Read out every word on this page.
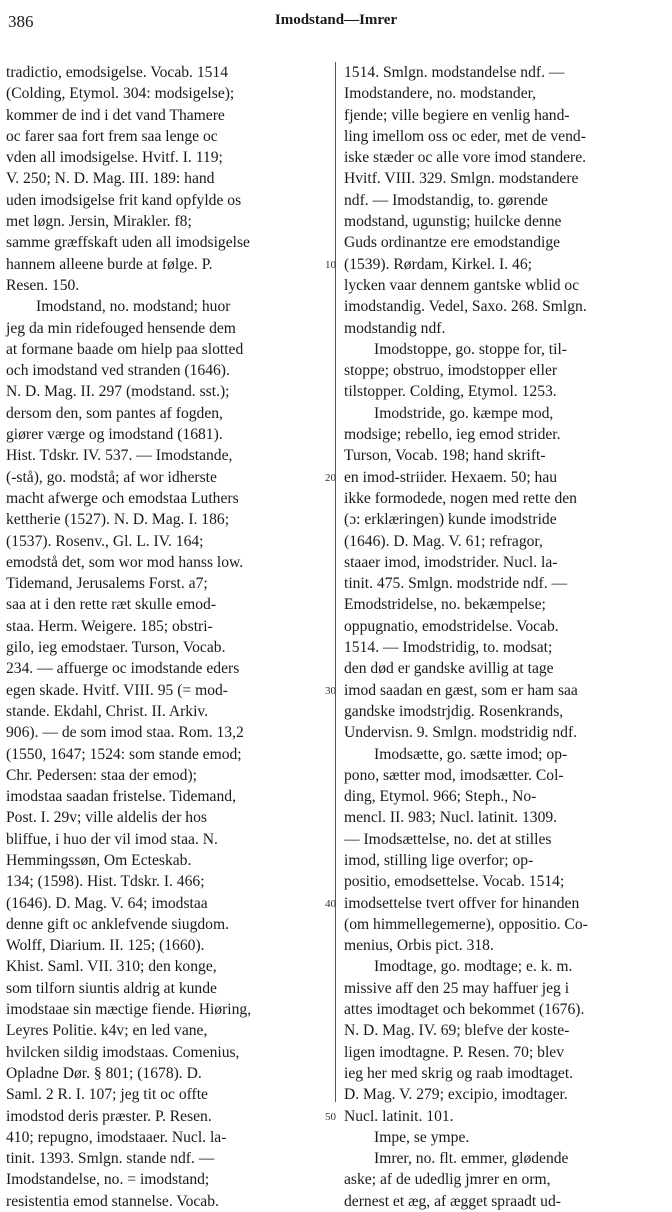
386	Imodstand—Imrer
tradictio, emodsigelse. Vocab. 1514
(Colding, Etymol. 304: modsigelse);
kommer de ind i det vand Thamere
oc farer saa fort frem saa lenge oc
vden all imodsigelse. Hvitf. I. 119;
V. 250; N. D. Mag. III. 189: hand
uden imodsigelse frit kand opfylde os
met løgn. Jersin, Mirakler. f8;
samme græffskaft uden all imodsigelse
hannem alleene burde at følge. P.
Resen. 150.
Imodstand, no. modstand; huor
jeg da min ridefouged hensende dem
at formane baade om hielp paa slotted
och imodstand ved stranden (1646).
N. D. Mag. II. 297 (modstand. sst.);
dersom den, som pantes af fogden,
giører værge og imodstand (1681).
Hist. Tdskr. IV. 537. — Imodstande,
(-stå), go. modstå; af wor idherste
macht afwerge och emodstaa Luthers
kettherie (1527). N. D. Mag. I. 186;
(1537). Rosenv., Gl. L. IV. 164;
emodstå det, som wor mod hanss low.
Tidemand, Jerusalems Forst. a7;
saa at i den rette ræt skulle emod-
staa. Herm. Weigere. 185; obstri-
gilo, ieg emodstaer. Turson, Vocab.
234. — affuerge oc imodstande eders
egen skade. Hvitf. VIII. 95 (= mod-
stande. Ekdahl, Christ. II. Arkiv.
906). — de som imod staa. Rom. 13,2
(1550, 1647; 1524: som stande emod;
Chr. Pedersen: staa der emod);
imodstaa saadan fristelse. Tidemand,
Post. I. 29v; ville aldelis der hos
bliffue, i huo der vil imod staa. N.
Hemmingssøn, Om Ecteskab.
134; (1598). Hist. Tdskr. I. 466;
(1646). D. Mag. V. 64; imodstaa
denne gift oc anklefvende siugdom.
Wolff, Diarium. II. 125; (1660).
Khist. Saml. VII. 310; den konge,
som tilforn siuntis aldrig at kunde
imodstaae sin mæctige fiende. Hiøring,
Leyres Politie. k4v; en led vane,
hvilcken sildig imodstaas. Comenius,
Opladne Dør. § 801; (1678). D.
Saml. 2 R. I. 107; jeg tit oc offte
imodstod deris præster. P. Resen.
410; repugno, imodstaaer. Nucl. la-
tinit. 1393. Smlgn. stande ndf. —
Imodstandelse, no. = imodstand;
resistentia emod stannelse. Vocab.
1514. Smlgn. modstandelse ndf. —
Imodstandere, no. modstander,
fjende; ville begiere en venlig hand-
ling imellom oss oc eder, met de vend-
iske stæder oc alle vore imod standere.
Hvitf. VIII. 329. Smlgn. modstandere
ndf. — Imodstandig, to. gørende
modstand, ugunstig; huilcke denne
Guds ordinantze ere emodstandige
(1539). Rørdam, Kirkel. I. 46;
lycken vaar dennem gantske wblid oc
imodstandig. Vedel, Saxo. 268. Smlgn.
modstandig ndf.
Imodstoppe, go. stoppe for, til-
stoppe; obstruo, imodstopper eller
tilstopper. Colding, Etymol. 1253.
Imodstride, go. kæmpe mod,
modsige; rebello, ieg emod strider.
Turson, Vocab. 198; hand skrift-
en imod-striider. Hexaem. 50; hau
ikke formodede, nogen med rette den
(ɔ: erklæringen) kunde imodstride
(1646). D. Mag. V. 61; refragor,
staaer imod, imodstrider. Nucl. la-
tinit. 475. Smlgn. modstride ndf. —
Emodstridelse, no. bekæmpelse;
oppugnatio, emodstridelse. Vocab.
1514. — Imodstridig, to. modsat;
den død er gandske avillig at tage
imod saadan en gæst, som er ham saa
gandske imodstrjdig. Rosenkrands,
Undervisn. 9. Smlgn. modstridig ndf.
Imodsætte, go. sætte imod; op-
pono, sætter mod, imodsætter. Col-
ding, Etymol. 966; Steph., No-
mencl. II. 983; Nucl. latinit. 1309.
— Imodsættelse, no. det at stilles
imod, stilling lige overfor; op-
positio, emodsettelse. Vocab. 1514;
imodsettelse tvert offver for hinanden
(om himmellegemerne), oppositio. Co-
menius, Orbis pict. 318.
Imodtage, go. modtage; e. k. m.
missive aff den 25 may haffuer jeg i
attes imodtaget och bekommet (1676).
N. D. Mag. IV. 69; blefve der koste-
ligen imodtagne. P. Resen. 70; blev
ieg her med skrig og raab imodtaget.
D. Mag. V. 279; excipio, imodtager.
Nucl. latinit. 101.
Impe, se ympe.
Imrer, no. flt. emmer, glødende
aske; af de udedlig jmrer en orm,
dernest et æg, af ægget spraadt ud-
10
20
30
40
50
